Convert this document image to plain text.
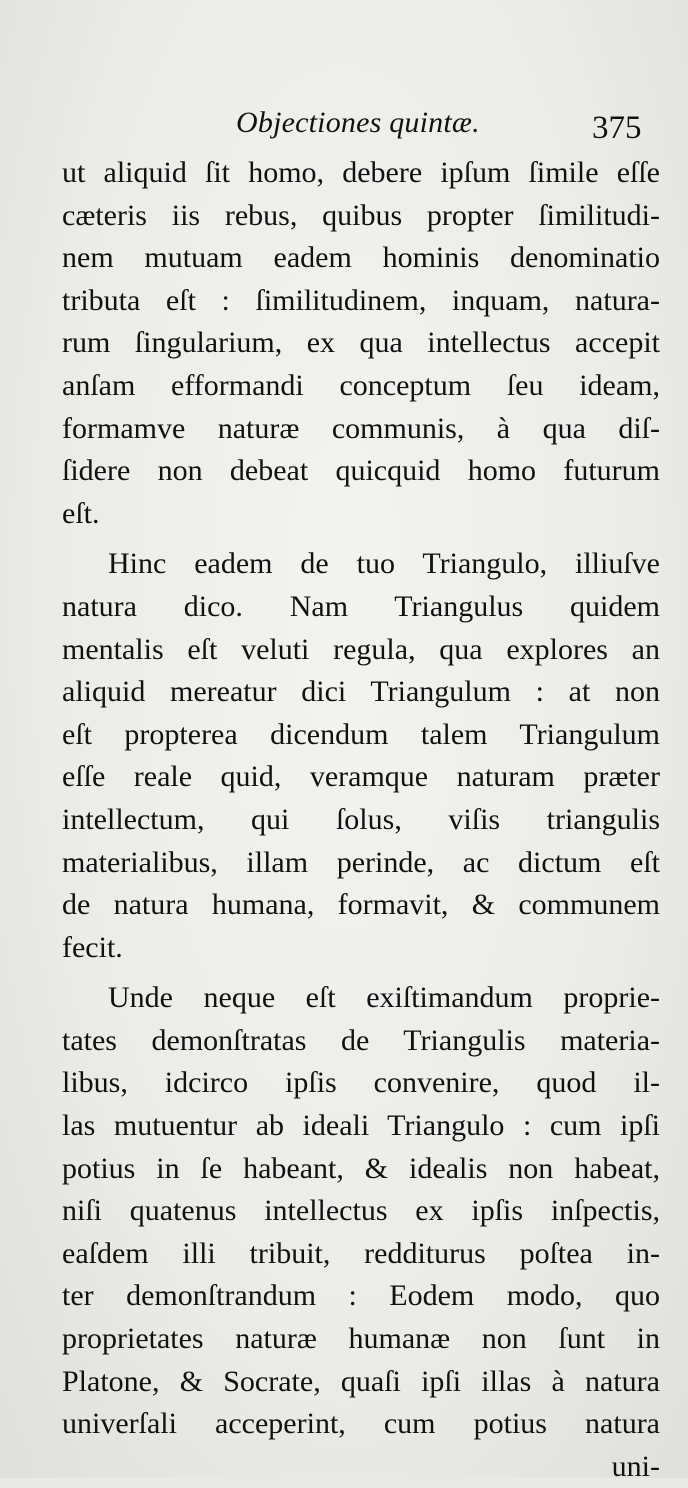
Objectiones quintæ.	375
ut aliquid ſit homo, debere ipſum ſimile eſſe
cæteris iis rebus, quibus propter ſimilitudi-
nem mutuam eadem hominis denominatio
tributa eſt : ſimilitudinem, inquam, natura-
rum ſingularium, ex qua intellectus accepit
anſam efformandi conceptum ſeu ideam,
formamve naturæ communis, à qua diſ-
ſidere non debeat quicquid homo futurum
eſt.
Hinc eadem de tuo Triangulo, illiuſve
natura dico. Nam Triangulus quidem
mentalis eſt veluti regula, qua explores an
aliquid mereatur dici Triangulum : at non
eſt propterea dicendum talem Triangulum
eſſe reale quid, veramque naturam præter
intellectum, qui ſolus, viſis triangulis
materialibus, illam perinde, ac dictum eſt
de natura humana, formavit, & communem
fecit.
Unde neque eſt exiſtimandum proprie-
tates demonſtratas de Triangulis materia-
libus, idcirco ipſis convenire, quod il-
las mutuentur ab ideali Triangulo : cum ipſi
potius in ſe habeant, & idealis non habeat,
niſi quatenus intellectus ex ipſis inſpectis,
eaſdem illi tribuit, redditurus poſtea in-
ter demonſtrandum : Eodem modo, quo
proprietates naturæ humanæ non ſunt in
Platone, & Socrate, quaſi ipſi illas à natura
univerſali acceperint, cum potius natura
uni-
